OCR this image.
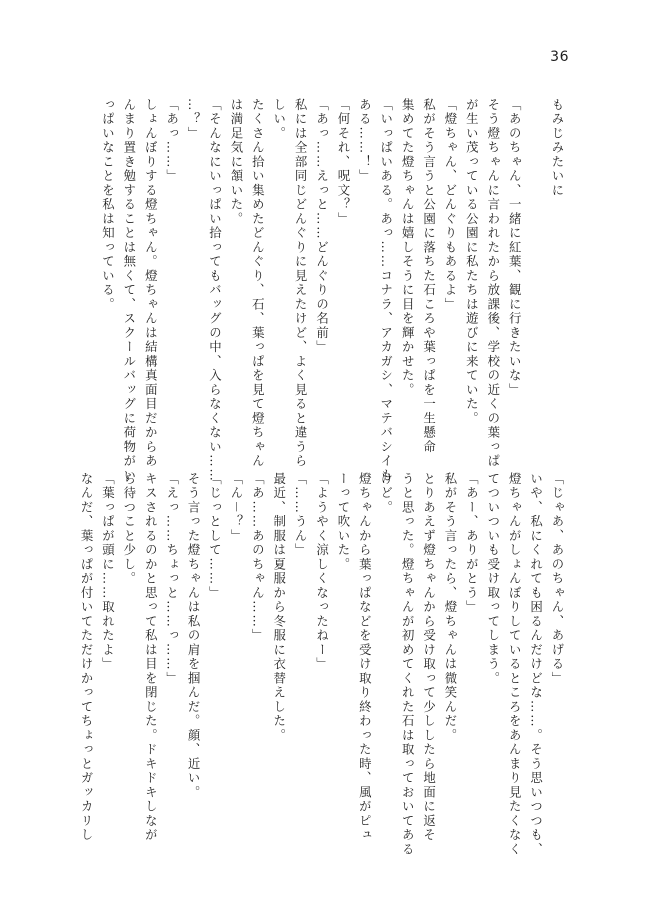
36
もみじみたいに

「あのちゃん、一緒に紅葉、観に行きたいな」
そう燈ちゃんに言われたから放課後、学校の近くの葉っぱ
が生い茂っている公園に私たちは遊びに来ていた。
「燈ちゃん、どんぐりもあるよ」
私がそう言うと公園に落ちた石ころや葉っぱを一生懸命
集めてた燈ちゃんは嬉しそうに目を輝かせた。
「いっぱいある。あっ……コナラ、アカガシ、マテバシイも
ある……！」
「何それ、呪文？」
「あっ……えっと……どんぐりの名前」
私には全部同じどんぐりに見えたけど、よく見ると違うら
しい。
たくさん拾い集めたどんぐり、石、葉っぱを見て燈ちゃん
は満足気に頷いた。
「そんなにいっぱい拾ってもバッグの中、入らなくない……
…？」
「あっ……」
しょんぼりする燈ちゃん。燈ちゃんは結構真面目だからあ
んまり置き勉することは無くて、スクールバッグに荷物がい
っぱいなことを私は知っている。
「じゃあ、あのちゃん、あげる」
いや、私にくれても困るんだけどな……。そう思いつつも、
燈ちゃんがしょんぼりしているところをあんまり見たくなく
てついついも受け取ってしまう。
「あー、ありがとう」
私がそう言ったら、燈ちゃんは微笑んだ。
とりあえず燈ちゃんから受け取って少ししたら地面に返そ
うと思った。燈ちゃんが初めてくれた石は取っておいてある
けど。
燈ちゃんから葉っぱなどを受け取り終わった時、風がピュ
ーって吹いた。
「ようやく涼しくなったねー」
「……うん」
最近、制服は夏服から冬服に衣替えした。
「あ……あのちゃん……」
「ん－？」
「じっとして……」
そう言った燈ちゃんは私の肩を掴んだ。顔、近い。
「えっ……ちょっと……っ……」
キスされるのかと思って私は目を閉じた。ドキドキしなが
ら待つこと少し。
「葉っぱが頭に……取れたよ」
なんだ、葉っぱが付いてただけかってちょっとガッカリし
